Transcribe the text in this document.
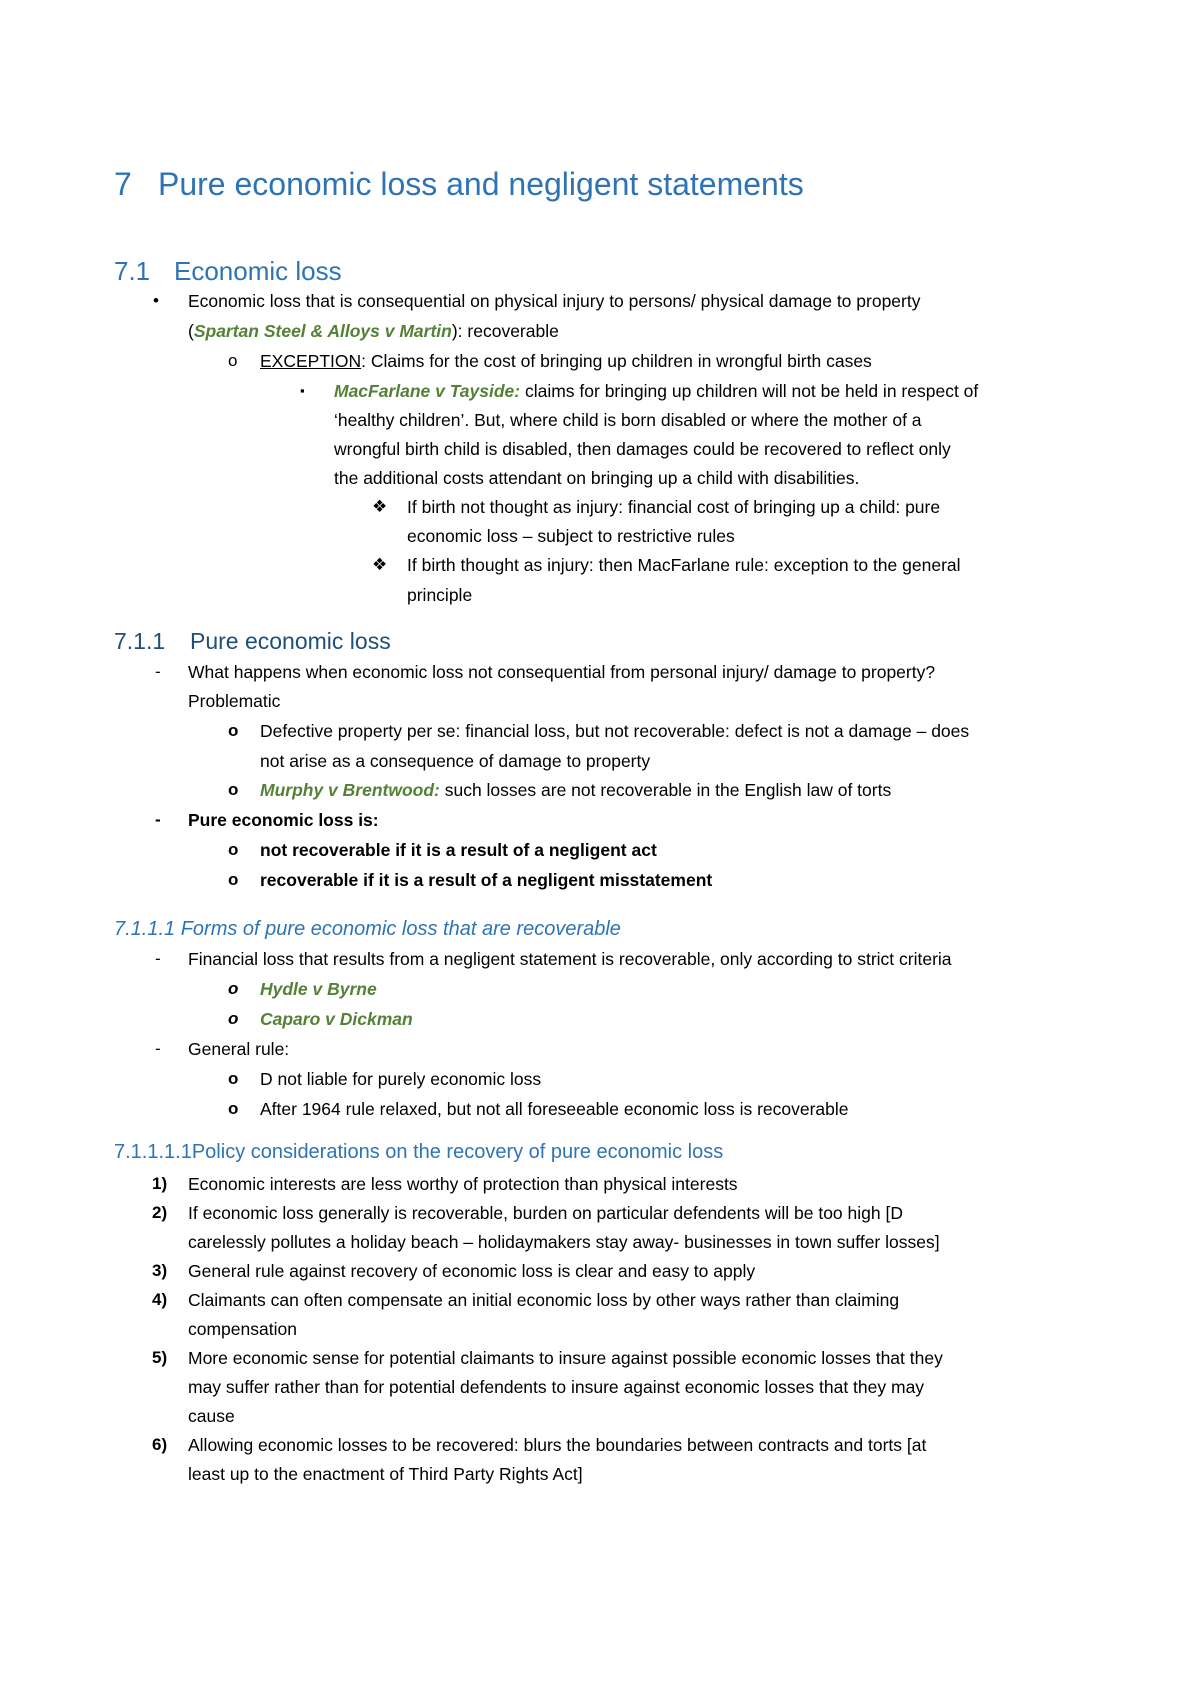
7 Pure economic loss and negligent statements
7.1 Economic loss
• Economic loss that is consequential on physical injury to persons/ physical damage to property
(Spartan Steel & Alloys v Martin): recoverable
o EXCEPTION: Claims for the cost of bringing up children in wrongful birth cases
▪ MacFarlane v Tayside: claims for bringing up children will not be held in respect of
‘healthy children’. But, where child is born disabled or where the mother of a
wrongful birth child is disabled, then damages could be recovered to reflect only
the additional costs attendant on bringing up a child with disabilities.
❖ If birth not thought as injury: financial cost of bringing up a child: pure
economic loss – subject to restrictive rules
❖ If birth thought as injury: then MacFarlane rule: exception to the general
principle
7.1.1 Pure economic loss
- What happens when economic loss not consequential from personal injury/ damage to property?
Problematic
o Defective property per se: financial loss, but not recoverable: defect is not a damage – does
not arise as a consequence of damage to property
o Murphy v Brentwood: such losses are not recoverable in the English law of torts
- Pure economic loss is:
o not recoverable if it is a result of a negligent act
o recoverable if it is a result of a negligent misstatement
7.1.1.1 Forms of pure economic loss that are recoverable
- Financial loss that results from a negligent statement is recoverable, only according to strict criteria
o Hydle v Byrne
o Caparo v Dickman
- General rule:
o D not liable for purely economic loss
o After 1964 rule relaxed, but not all foreseeable economic loss is recoverable
7.1.1.1.1Policy considerations on the recovery of pure economic loss
1) Economic interests are less worthy of protection than physical interests
2) If economic loss generally is recoverable, burden on particular defendents will be too high [D
carelessly pollutes a holiday beach – holidaymakers stay away- businesses in town suffer losses]
3) General rule against recovery of economic loss is clear and easy to apply
4) Claimants can often compensate an initial economic loss by other ways rather than claiming
compensation
5) More economic sense for potential claimants to insure against possible economic losses that they
may suffer rather than for potential defendents to insure against economic losses that they may
cause
6) Allowing economic losses to be recovered: blurs the boundaries between contracts and torts [at
least up to the enactment of Third Party Rights Act]
